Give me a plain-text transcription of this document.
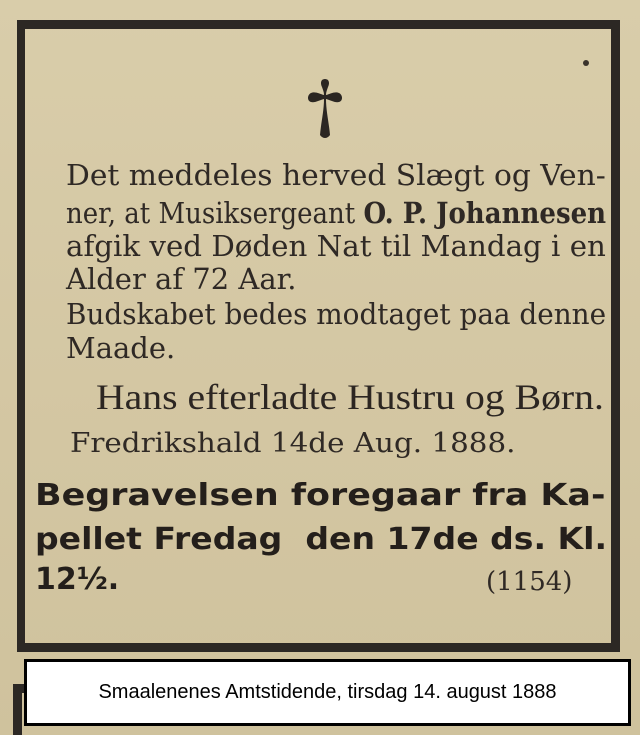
Det meddeles herved Slægt og Ven-
ner, at Musiksergeant O. P. Johannesen
afgik ved Døden Nat til Mandag i en
Alder af 72 Aar.
Budskabet bedes modtaget paa denne
Maade.
Hans efterladte Hustru og Børn.
Fredrikshald 14de Aug. 1888.
Begravelsen foregaar fra Ka-
pellet Fredag  den 17de ds. Kl.
12½.	(1154)
Smaalenenes Amtstidende, tirsdag 14. august 1888
